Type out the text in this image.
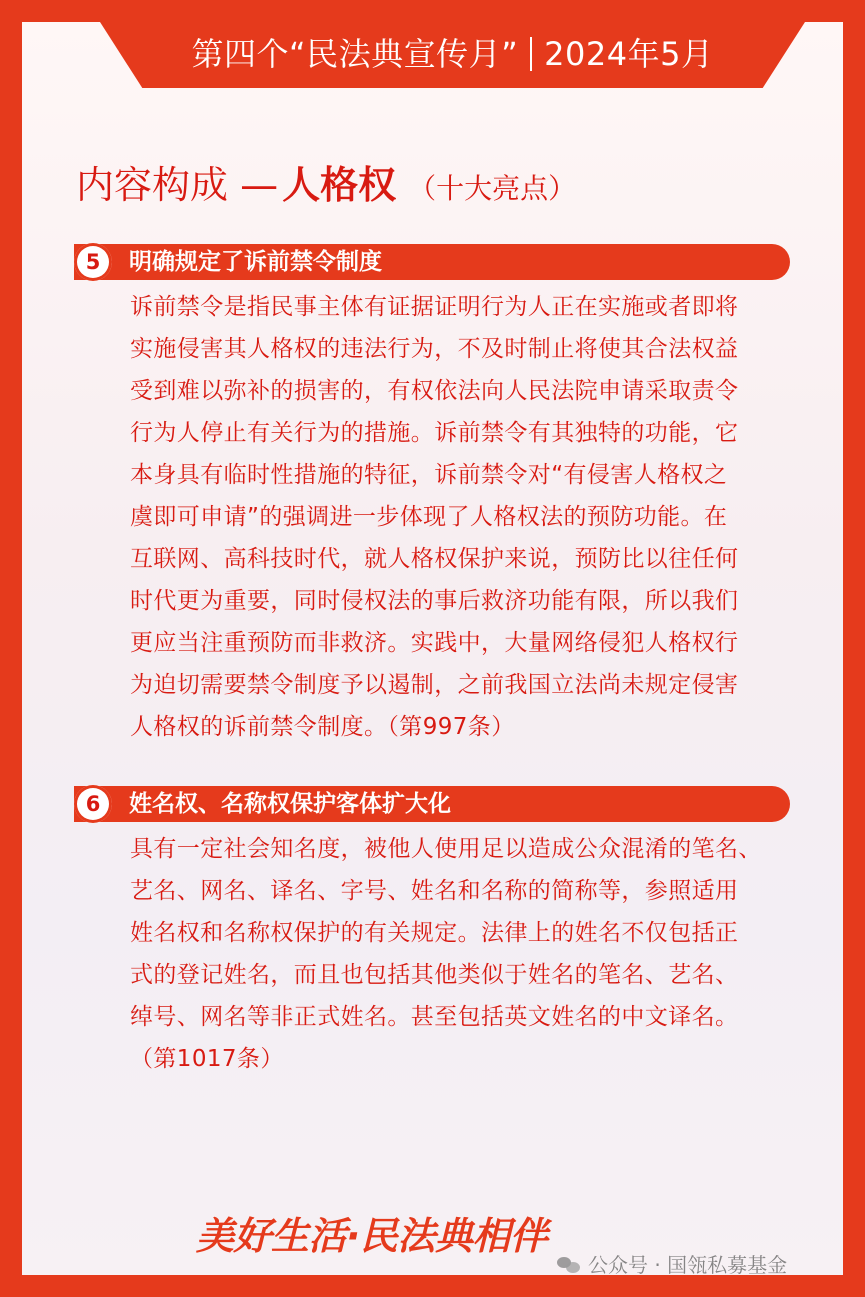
第四个“民法典宣传月” 2024年5月
内容构成 — 人格权 （十大亮点）
5	明确规定了诉前禁令制度
诉前禁令是指民事主体有证据证明行为人正在实施或者即将
实施侵害其人格权的违法行为，不及时制止将使其合法权益
受到难以弥补的损害的，有权依法向人民法院申请采取责令
行为人停止有关行为的措施。诉前禁令有其独特的功能，它
本身具有临时性措施的特征，诉前禁令对“有侵害人格权之
虞即可申请”的强调进一步体现了人格权法的预防功能。在
互联网、高科技时代，就人格权保护来说，预防比以往任何
时代更为重要，同时侵权法的事后救济功能有限，所以我们
更应当注重预防而非救济。实践中，大量网络侵犯人格权行
为迫切需要禁令制度予以遏制，之前我国立法尚未规定侵害
人格权的诉前禁令制度。（第997条）
6	姓名权、名称权保护客体扩大化
具有一定社会知名度，被他人使用足以造成公众混淆的笔名、
艺名、网名、译名、字号、姓名和名称的简称等，参照适用
姓名权和名称权保护的有关规定。法律上的姓名不仅包括正
式的登记姓名，而且也包括其他类似于姓名的笔名、艺名、
绰号、网名等非正式姓名。甚至包括英文姓名的中文译名。
（第1017条）
美好生活·民法典相伴
公众号 · 国瓴私募基金
